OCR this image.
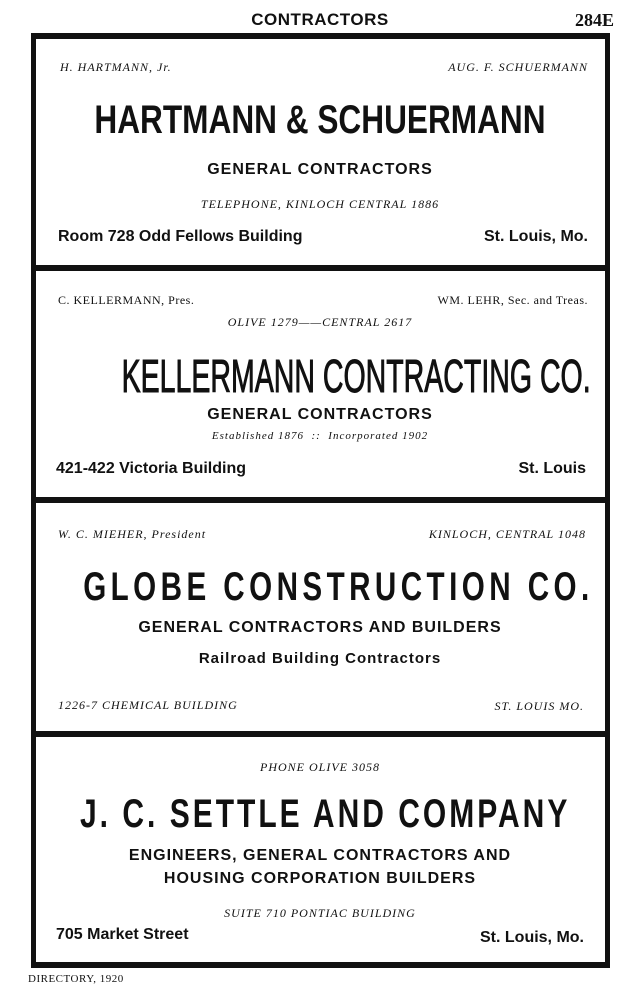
CONTRACTORS	284E
H. HARTMANN, Jr.	AUG. F. SCHUERMANN
HARTMANN & SCHUERMANN
GENERAL CONTRACTORS
TELEPHONE, KINLOCH CENTRAL 1886
Room 728 Odd Fellows Building	St. Louis, Mo.
C. KELLERMANN, Pres.	WM. LEHR, Sec. and Treas.
OLIVE 1279——CENTRAL 2617
KELLERMANN CONTRACTING CO.
GENERAL CONTRACTORS
Established 1876  ::  Incorporated 1902
421-422 Victoria Building	St. Louis
W. C. MIEHER, President	KINLOCH, CENTRAL 1048
GLOBE CONSTRUCTION CO.
GENERAL CONTRACTORS AND BUILDERS
Railroad Building Contractors
1226-7 CHEMICAL BUILDING	ST. LOUIS MO.
PHONE OLIVE 3058
J. C. SETTLE AND COMPANY
ENGINEERS, GENERAL CONTRACTORS AND
HOUSING CORPORATION BUILDERS
SUITE 710 PONTIAC BUILDING
705 Market Street	St. Louis, Mo.
DIRECTORY, 1920
